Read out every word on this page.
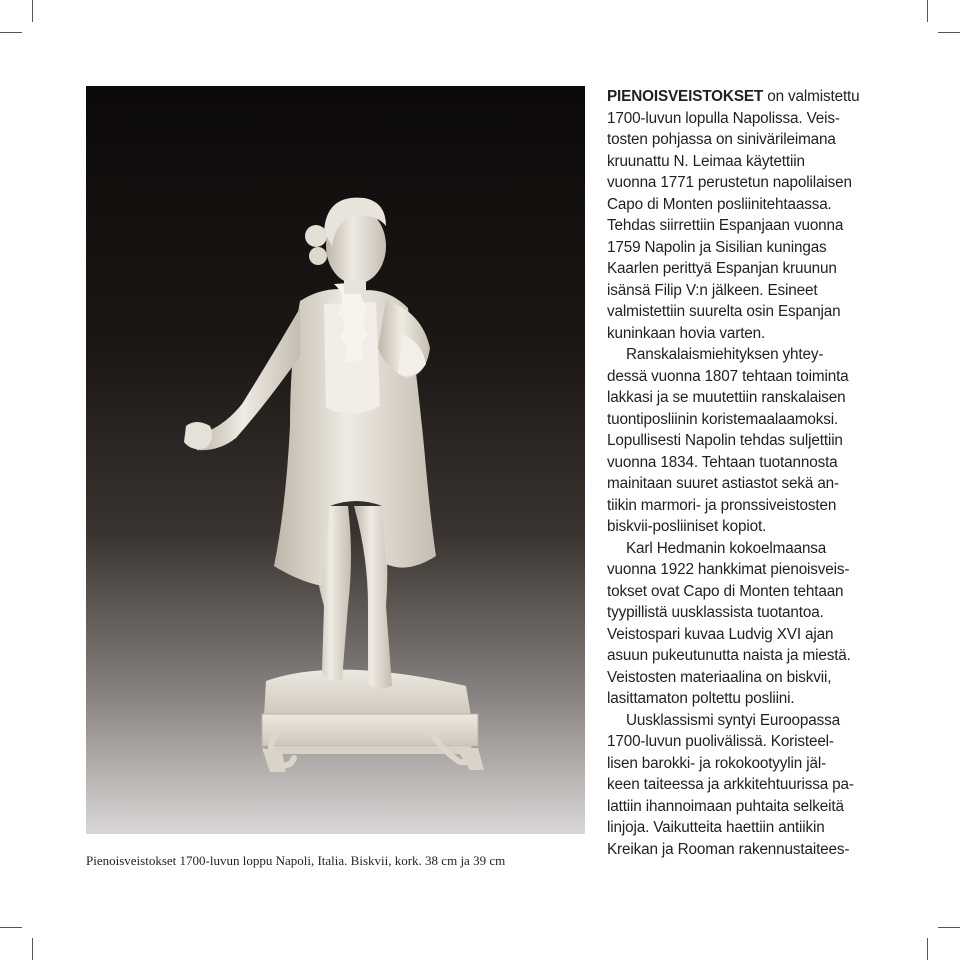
Pienoisveistokset 1700-luvun loppu Napoli, Italia. Biskvii, kork. 38 cm ja 39 cm
PIENOISVEISTOKSET on valmistettu
1700-luvun lopulla Napolissa. Veis-
tosten pohjassa on sinivärileimana
kruunattu N. Leimaa käytettiin
vuonna 1771 perustetun napolilaisen
Capo di Monten posliinitehtaassa.
Tehdas siirrettiin Espanjaan vuonna
1759 Napolin ja Sisilian kuningas
Kaarlen perittyä Espanjan kruunun
isänsä Filip V:n jälkeen. Esineet
valmistettiin suurelta osin Espanjan
kuninkaan hovia varten.
Ranskalaismiehityksen yhtey-
dessä vuonna 1807 tehtaan toiminta
lakkasi ja se muutettiin ranskalaisen
tuontiposliinin koristemaalaamoksi.
Lopullisesti Napolin tehdas suljettiin
vuonna 1834. Tehtaan tuotannosta
mainitaan suuret astiastot sekä an-
tiikin marmori- ja pronssiveistosten
biskvii-posliiniset kopiot.
Karl Hedmanin kokoelmaansa
vuonna 1922 hankkimat pienoisveis-
tokset ovat Capo di Monten tehtaan
tyypillistä uusklassista tuotantoa.
Veistospari kuvaa Ludvig XVI ajan
asuun pukeutunutta naista ja miestä.
Veistosten materiaalina on biskvii,
lasittamaton poltettu posliini.
Uusklassismi syntyi Euroopassa
1700-luvun puolivälissä. Koristeel-
lisen barokki- ja rokokootyylin jäl-
keen taiteessa ja arkkitehtuurissa pa-
lattiin ihannoimaan puhtaita selkeitä
linjoja. Vaikutteita haettiin antiikin
Kreikan ja Rooman rakennustaitees-
